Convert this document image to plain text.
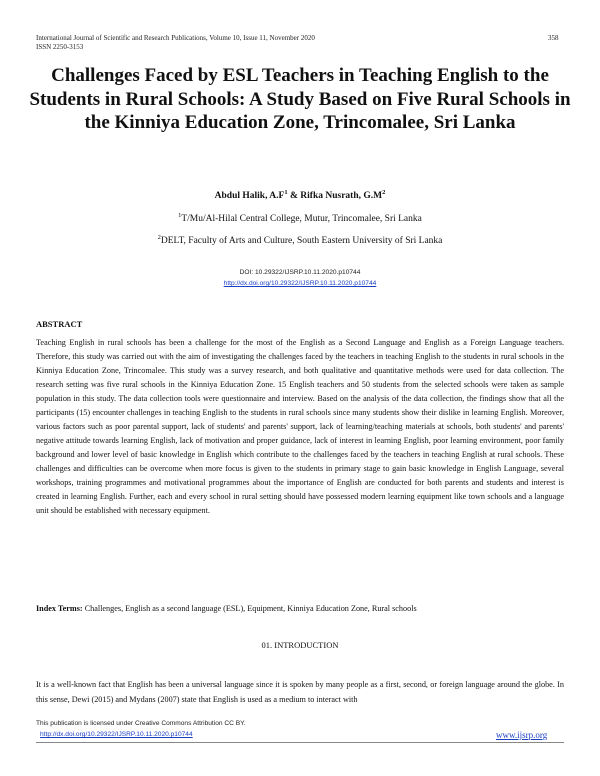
International Journal of Scientific and Research Publications, Volume 10, Issue 11, November 2020
ISSN 2250-3153
358
Challenges Faced by ESL Teachers in Teaching English to the Students in Rural Schools: A Study Based on Five Rural Schools in the Kinniya Education Zone, Trincomalee, Sri Lanka
Abdul Halik, $A.F^1$ & Rifka Nusrath, $G.M^2$
$^1$T/Mu/Al-Hilal Central College, Mutur, Trincomalee, Sri Lanka
$^2$DELT, Faculty of Arts and Culture, South Eastern University of Sri Lanka
DOI: 10.29322/IJSRP.10.11.2020.p10744
http://dx.doi.org/10.29322/IJSRP.10.11.2020.p10744
ABSTRACT
Teaching English in rural schools has been a challenge for the most of the English as a Second Language and English as a Foreign Language teachers. Therefore, this study was carried out with the aim of investigating the challenges faced by the teachers in teaching English to the students in rural schools in the Kinniya Education Zone, Trincomalee. This study was a survey research, and both qualitative and quantitative methods were used for data collection. The research setting was five rural schools in the Kinniya Education Zone. 15 English teachers and 50 students from the selected schools were taken as sample population in this study. The data collection tools were questionnaire and interview. Based on the analysis of the data collection, the findings show that all the participants (15) encounter challenges in teaching English to the students in rural schools since many students show their dislike in learning English. Moreover, various factors such as poor parental support, lack of students' and parents' support, lack of learning/teaching materials at schools, both students' and parents' negative attitude towards learning English, lack of motivation and proper guidance, lack of interest in learning English, poor learning environment, poor family background and lower level of basic knowledge in English which contribute to the challenges faced by the teachers in teaching English at rural schools. These challenges and difficulties can be overcome when more focus is given to the students in primary stage to gain basic knowledge in English Language, several workshops, training programmes and motivational programmes about the importance of English are conducted for both parents and students and interest is created in learning English. Further, each and every school in rural setting should have possessed modern learning equipment like town schools and a language unit should be established with necessary equipment.
Index Terms: Challenges, English as a second language (ESL), Equipment, Kinniya Education Zone, Rural schools
01. INTRODUCTION
It is a well-known fact that English has been a universal language since it is spoken by many people as a first, second, or foreign language around the globe. In this sense, Dewi (2015) and Mydans (2007) state that English is used as a medium to interact with
This publication is licensed under Creative Commons Attribution CC BY.
http://dx.doi.org/10.29322/IJSRP.10.11.2020.p10744	www.ijsrp.org
